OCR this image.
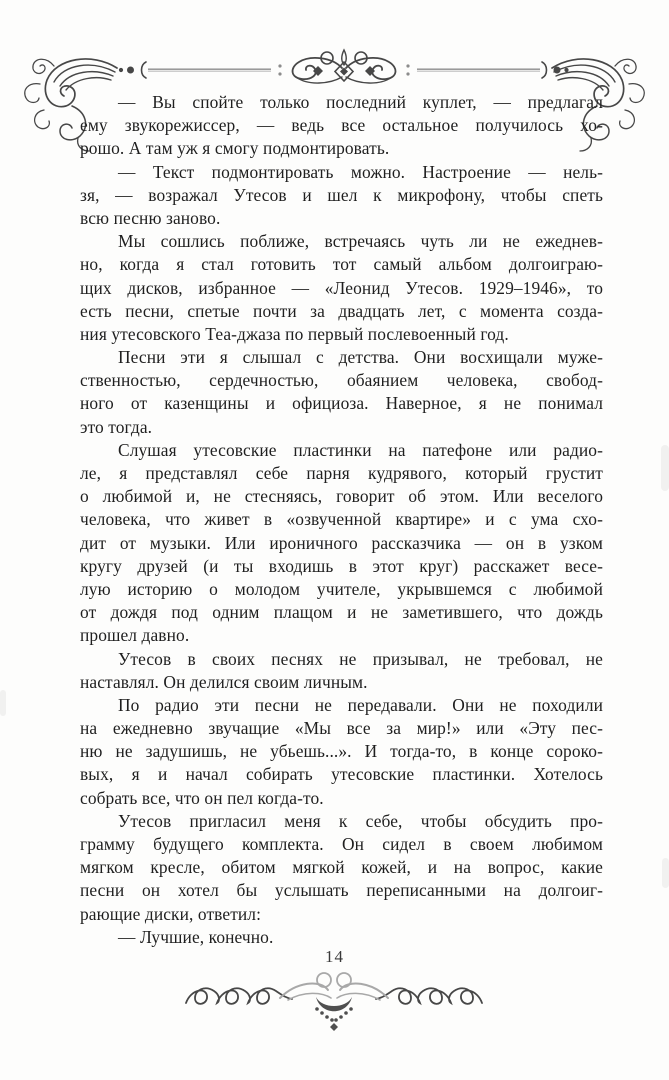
— Вы спойте только последний куплет, — предлагал
ему звукорежиссер, — ведь все остальное получилось хо-
рошо. А там уж я смогу подмонтировать.
— Текст подмонтировать можно. Настроение — нель-
зя, — возражал Утесов и шел к микрофону, чтобы спеть
всю песню заново.
Мы сошлись поближе, встречаясь чуть ли не ежеднев-
но, когда я стал готовить тот самый альбом долгоиграю-
щих дисков, избранное — «Леонид Утесов. 1929–1946», то
есть песни, спетые почти за двадцать лет, с момента созда-
ния утесовского Теа-джаза по первый послевоенный год.
Песни эти я слышал с детства. Они восхищали муже-
ственностью, сердечностью, обаянием человека, свобод-
ного от казенщины и официоза. Наверное, я не понимал
это тогда.
Слушая утесовские пластинки на патефоне или радио-
ле, я представлял себе парня кудрявого, который грустит
о любимой и, не стесняясь, говорит об этом. Или веселого
человека, что живет в «озвученной квартире» и с ума схо-
дит от музыки. Или ироничного рассказчика — он в узком
кругу друзей (и ты входишь в этот круг) расскажет весе-
лую историю о молодом учителе, укрывшемся с любимой
от дождя под одним плащом и не заметившего, что дождь
прошел давно.
Утесов в своих песнях не призывал, не требовал, не
наставлял. Он делился своим личным.
По радио эти песни не передавали. Они не походили
на ежедневно звучащие «Мы все за мир!» или «Эту пес-
ню не задушишь, не убьешь...». И тогда-то, в конце сороко-
вых, я и начал собирать утесовские пластинки. Хотелось
собрать все, что он пел когда-то.
Утесов пригласил меня к себе, чтобы обсудить про-
грамму будущего комплекта. Он сидел в своем любимом
мягком кресле, обитом мягкой кожей, и на вопрос, какие
песни он хотел бы услышать переписанными на долгоиг-
рающие диски, ответил:
— Лучшие, конечно.
14
